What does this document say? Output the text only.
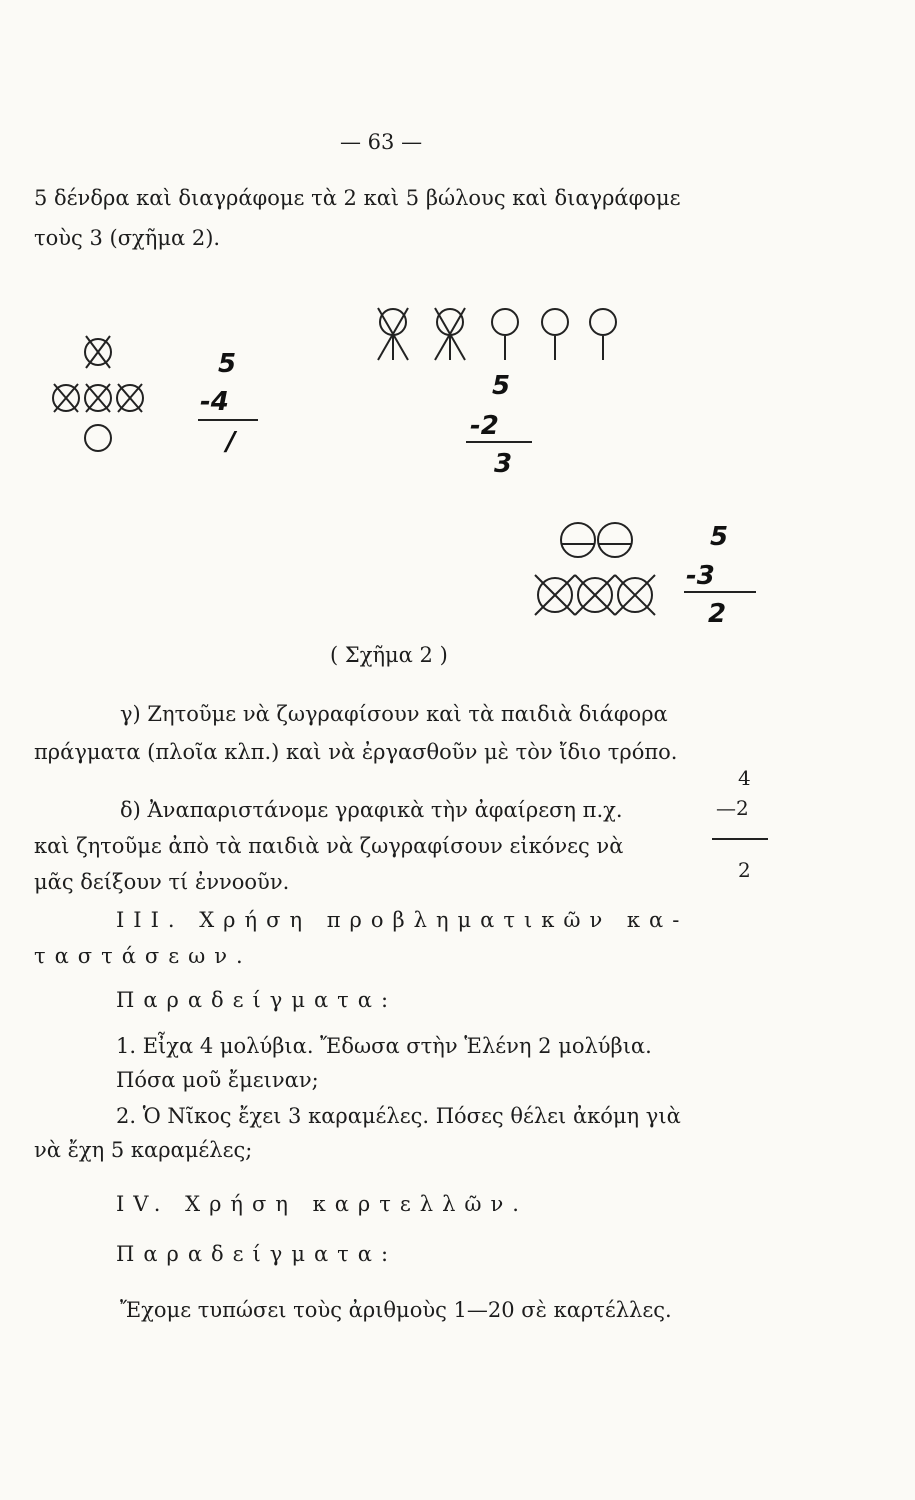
— 63 —
5 δένδρα καὶ διαγράφομε τὰ 2 καὶ 5 βώλους καὶ διαγράφομε
τοὺς 3 (σχῆμα 2).
5
-4
/
5
-2
3
5
-3
2
( Σχῆμα 2 )
γ) Ζητοῦμε νὰ ζωγραφίσουν καὶ τὰ παιδιὰ διάφορα
πράγματα (πλοῖα κλπ.) καὶ νὰ ἐργασθοῦν μὲ τὸν ἴδιο τρόπο.
δ) Ἀναπαριστάνομε γραφικὰ τὴν ἀφαίρεση π.χ.
καὶ ζητοῦμε ἀπὸ τὰ παιδιὰ νὰ ζωγραφίσουν εἰκόνες νὰ
μᾶς δείξουν τί ἐννοοῦν.
4
—2
2
III. Χρήση προβληματικῶν κα-
ταστάσεων.
Παραδείγματα:
1. Εἶχα 4 μολύβια. Ἔδωσα στὴν Ἑλένη 2 μολύβια.
Πόσα μοῦ ἔμειναν;
2. Ὁ Νῖκος ἔχει 3 καραμέλες. Πόσες θέλει ἀκόμη γιὰ
νὰ ἔχη 5 καραμέλες;
IV. Χρήση καρτελλῶν.
Παραδείγματα:
Ἔχομε τυπώσει τοὺς ἀριθμοὺς 1—20 σὲ καρτέλλες.
